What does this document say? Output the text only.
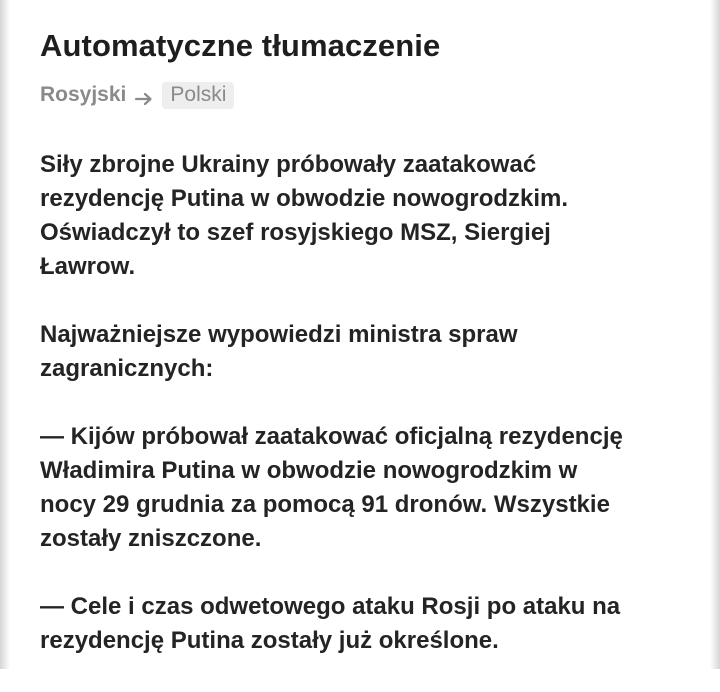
Automatyczne tłumaczenie
Rosyjski	Polski

Siły zbrojne Ukrainy próbowały zaatakować
rezydencję Putina w obwodzie nowogrodzkim.
Oświadczył to szef rosyjskiego MSZ, Siergiej
Ławrow.

Najważniejsze wypowiedzi ministra spraw
zagranicznych:

— Kijów próbował zaatakować oficjalną rezydencję
Władimira Putina w obwodzie nowogrodzkim w
nocy 29 grudnia za pomocą 91 dronów. Wszystkie
zostały zniszczone.

— Cele i czas odwetowego ataku Rosji po ataku na
rezydencję Putina zostały już określone.
